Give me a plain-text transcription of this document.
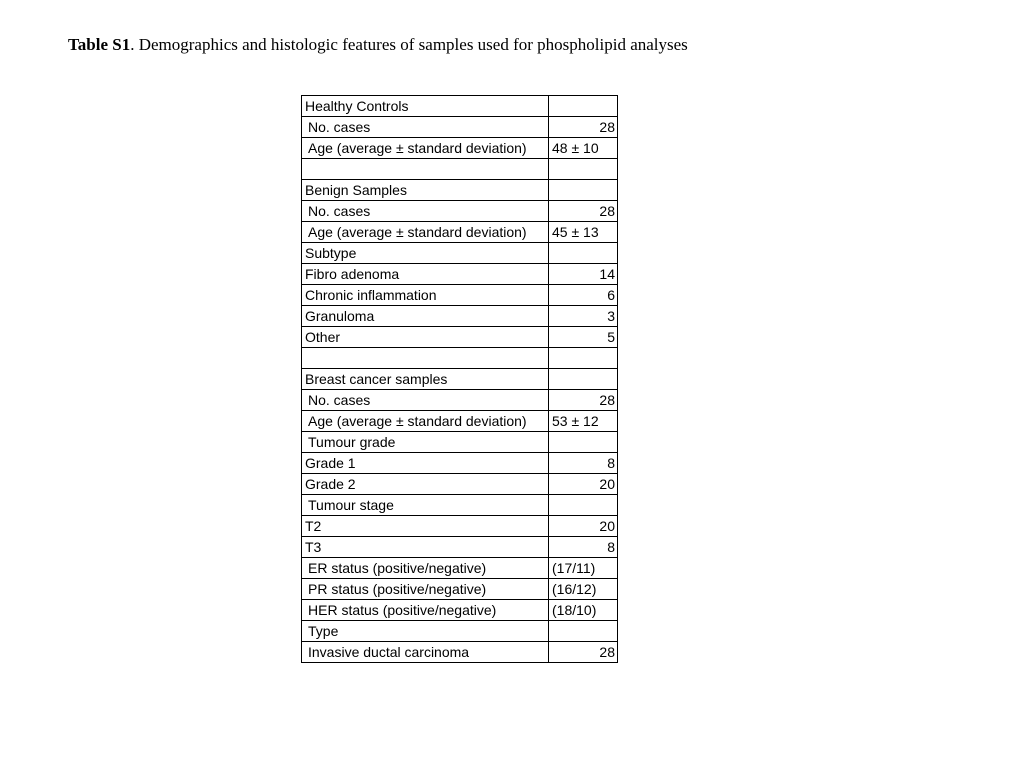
Table S1. Demographics and histologic features of samples used for phospholipid analyses
Healthy Controls	
No. cases	28
Age (average ± standard deviation)	48 ± 10

Benign Samples	
No. cases	28
Age (average ± standard deviation)	45 ± 13
Subtype	
Fibro adenoma	14
Chronic inflammation	6
Granuloma	3
Other	5

Breast cancer samples	
No. cases	28
Age (average ± standard deviation)	53 ± 12
Tumour grade	
Grade 1	8
Grade 2	20
Tumour stage	
T2	20
T3	8
ER status (positive/negative)	(17/11)
PR status (positive/negative)	(16/12)
HER status (positive/negative)	(18/10)
Type	
Invasive ductal carcinoma	28
